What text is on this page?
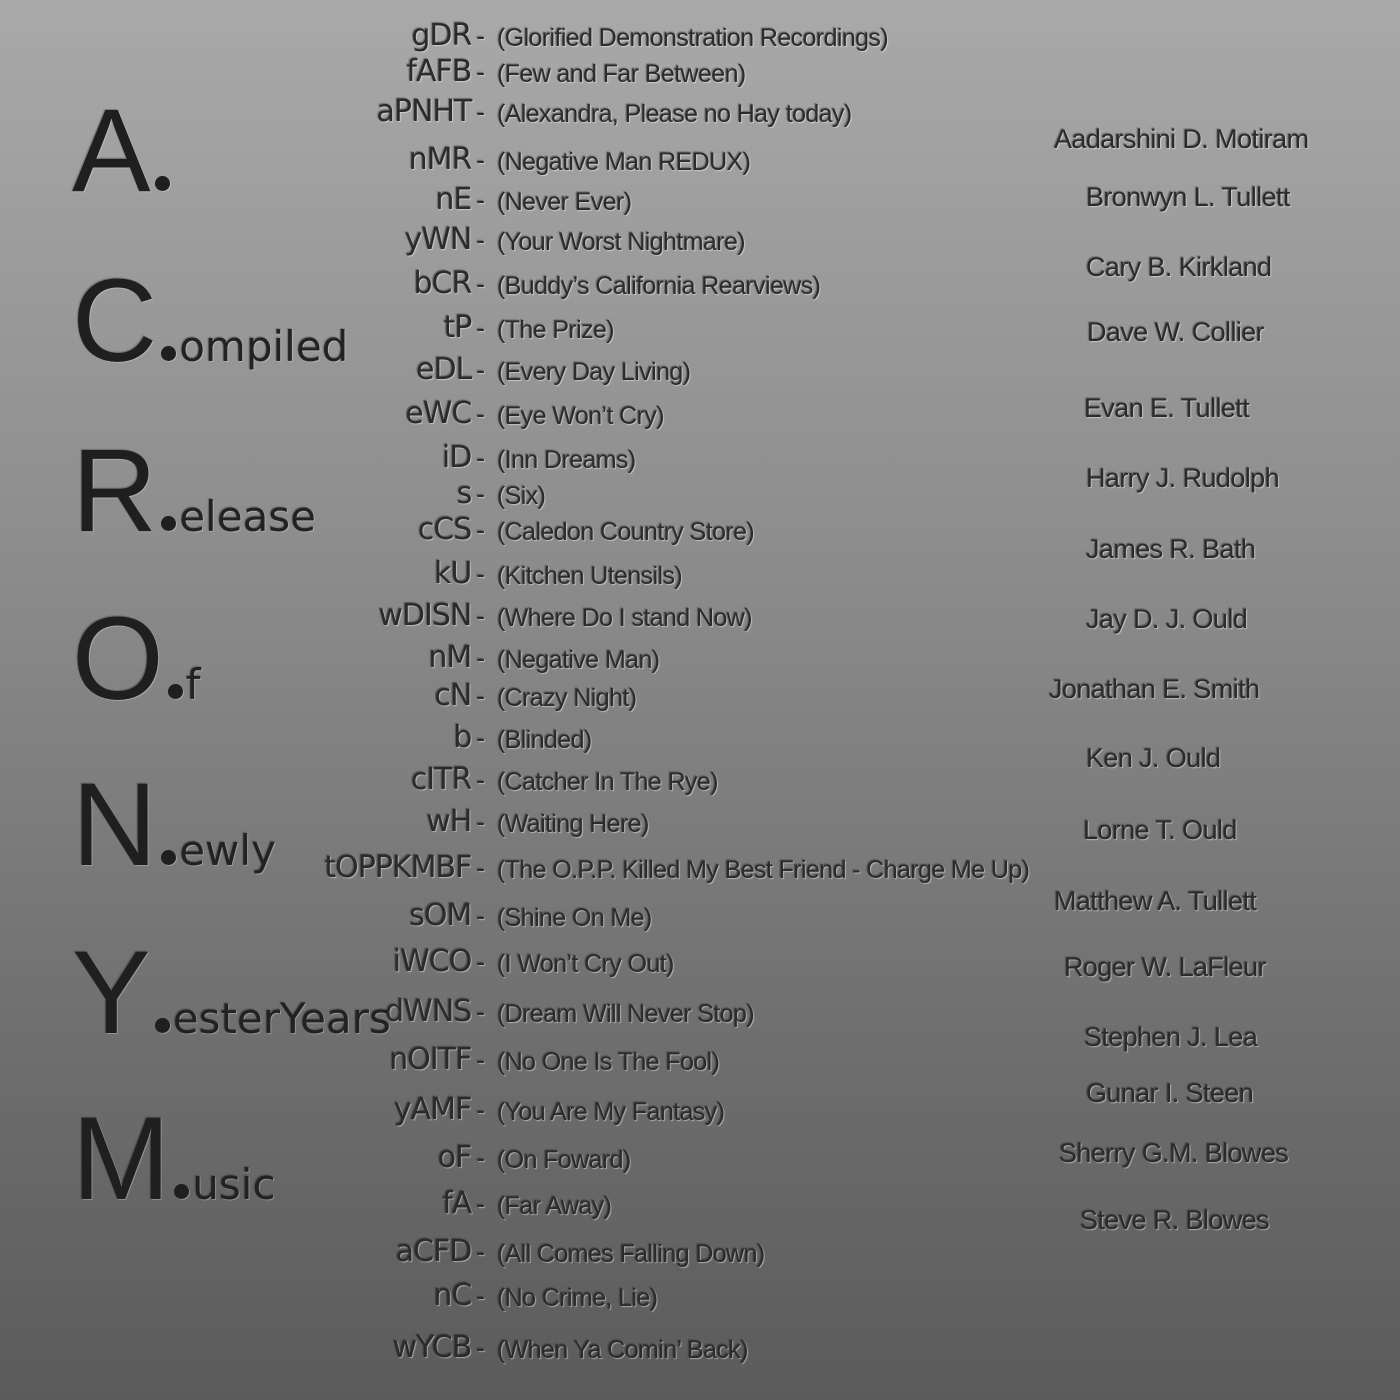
A
Compiled
Release
Of
Newly
YesterYears
Music
gDR - (Glorified Demonstration Recordings)
fAFB - (Few and Far Between)
aPNHT - (Alexandra, Please no Hay today)
nMR - (Negative Man REDUX)
nE - (Never Ever)
yWN - (Your Worst Nightmare)
bCR - (Buddy’s California Rearviews)
tP - (The Prize)
eDL - (Every Day Living)
eWC - (Eye Won’t Cry)
iD - (Inn Dreams)
s - (Six)
cCS - (Caledon Country Store)
kU - (Kitchen Utensils)
wDISN - (Where Do I stand Now)
nM - (Negative Man)
cN - (Crazy Night)
b - (Blinded)
cITR - (Catcher In The Rye)
wH - (Waiting Here)
tOPPKMBF - (The O.P.P. Killed My Best Friend - Charge Me Up)
sOM - (Shine On Me)
iWCO - (I Won’t Cry Out)
dWNS - (Dream Will Never Stop)
nOITF - (No One Is The Fool)
yAMF - (You Are My Fantasy)
oF - (On Foward)
fA - (Far Away)
aCFD - (All Comes Falling Down)
nC - (No Crime, Lie)
wYCB - (When Ya Comin’ Back)
Aadarshini D. Motiram
Bronwyn L. Tullett
Cary B. Kirkland
Dave W. Collier
Evan E. Tullett
Harry J. Rudolph
James R. Bath
Jay D. J. Ould
Jonathan E. Smith
Ken J. Ould
Lorne T. Ould
Matthew A. Tullett
Roger W. LaFleur
Stephen J. Lea
Gunar I. Steen
Sherry G.M. Blowes
Steve R. Blowes
